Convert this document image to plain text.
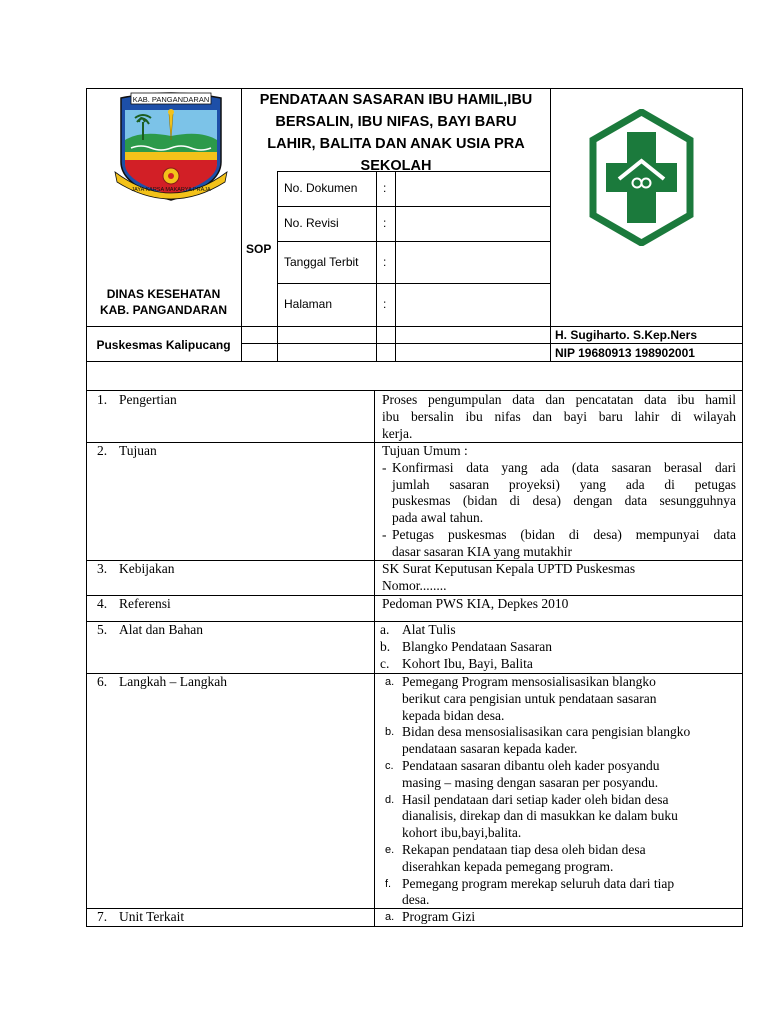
KAB. PANGANDARAN
JAYA KARSA MAKARYA PRAJA
DINAS KESEHATAN
KAB. PANGANDARAN
Puskesmas Kalipucang
PENDATAAN SASARAN IBU HAMIL,IBU
BERSALIN, IBU NIFAS, BAYI BARU
LAHIR, BALITA DAN ANAK USIA PRA
SEKOLAH
SOP
No. Dokumen :
No. Revisi	:
Tanggal Terbit :
Halaman	:
H. Sugiharto. S.Kep.Ners
NIP 19680913 198902001
1. Pengertian
2. Tujuan
3. Kebijakan
4. Referensi
5. Alat dan Bahan
6. Langkah – Langkah
7. Unit Terkait
Proses pengumpulan data dan pencatatan data ibu hamil
ibu bersalin ibu nifas dan bayi baru lahir di wilayah
kerja.
Tujuan Umum :
- Konfirmasi data yang ada (data sasaran berasal dari
jumlah sasaran proyeksi) yang ada di petugas
puskesmas (bidan di desa) dengan data sesungguhnya
pada awal tahun.
- Petugas puskesmas (bidan di desa) mempunyai data
dasar sasaran KIA yang mutakhir
SK Surat Keputusan Kepala UPTD Puskesmas
Nomor........
Pedoman PWS KIA, Depkes 2010
a. Alat Tulis
b. Blangko Pendataan Sasaran
c. Kohort Ibu, Bayi, Balita
a. Pemegang Program mensosialisasikan blangko
berikut cara pengisian untuk pendataan sasaran
kepada bidan desa.
b. Bidan desa mensosialisasikan cara pengisian blangko
pendataan sasaran kepada kader.
c. Pendataan sasaran dibantu oleh kader posyandu
masing – masing dengan sasaran per posyandu.
d. Hasil pendataan dari setiap kader oleh bidan desa
dianalisis, direkap dan di masukkan ke dalam buku
kohort ibu,bayi,balita.
e. Rekapan pendataan tiap desa oleh bidan desa
diserahkan kepada pemegang program.
f. Pemegang program merekap seluruh data dari tiap
desa.
a. Program Gizi
